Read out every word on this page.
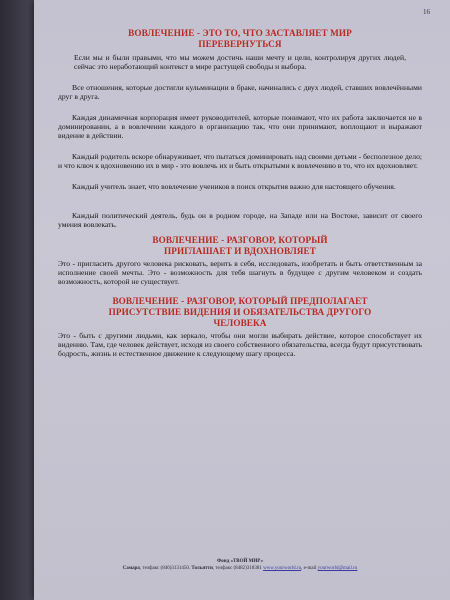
16
ВОВЛЕЧЕНИЕ - ЭТО ТО, ЧТО ЗАСТАВЛЯЕТ МИР ПЕРЕВЕРНУТЬСЯ

Если мы и были правыми, что мы можем достичь наши мечту и цели, контролируя других людей, сейчас это неработающий контекст в мире растущей свободы и выбора.

Все отношения, которые достигли кульминации в браке, начинались с двух людей, ставших вовлечёнными друг в друга.

Каждая динамичная корпорация имеет руководителей, которые понимают, что их работа заключается не в доминировании, а в вовлечении каждого в организацию так, что они принимают, воплощают и выражают видение в действии.

Каждый родитель вскоре обнаруживает, что пытаться доминировать над своими детьми - бесполезное дело; и что ключ к вдохновению их в мир - это вовлечь их и быть открытыми к вовлечению в то, что их вдохновляет.

Каждый учитель знает, что вовлечение учеников в поиск открытия важно для настоящего обучения.

Каждый политический деятель, будь он в родном городе, на Западе или на Востоке, зависит от своего умения вовлекать.

ВОВЛЕЧЕНИЕ - РАЗГОВОР, КОТОРЫЙ ПРИГЛАШАЕТ И ВДОХНОВЛЯЕТ

Это - пригласить другого человека рисковать, верить в себя, исследовать, изобретать и быть ответственным за исполнение своей мечты. Это - возможность для тебя шагнуть в будущее с другим человеком и создать возможность, которой не существует.

ВОВЛЕЧЕНИЕ - РАЗГОВОР, КОТОРЫЙ ПРЕДПОЛАГАЕТ ПРИСУТСТВИЕ ВИДЕНИЯ И ОБЯЗАТЕЛЬСТВА ДРУГОГО ЧЕЛОВЕКА

Это - быть с другими людьми, как зеркало, чтобы они могли выбирать действие, которое способствует их видению. Там, где человек действует, исходя из своего собственного обязательства, всегда будут присутствовать бодрость, жизнь и естественное движение к следующему шагу процесса.

Фонд «ТВОЙ МИР»
Самара, телфакс (846)3131450. Тольятти, телфакс (8482)318381 www.yourworld.ru, e-mail yourworld@mail.ru
